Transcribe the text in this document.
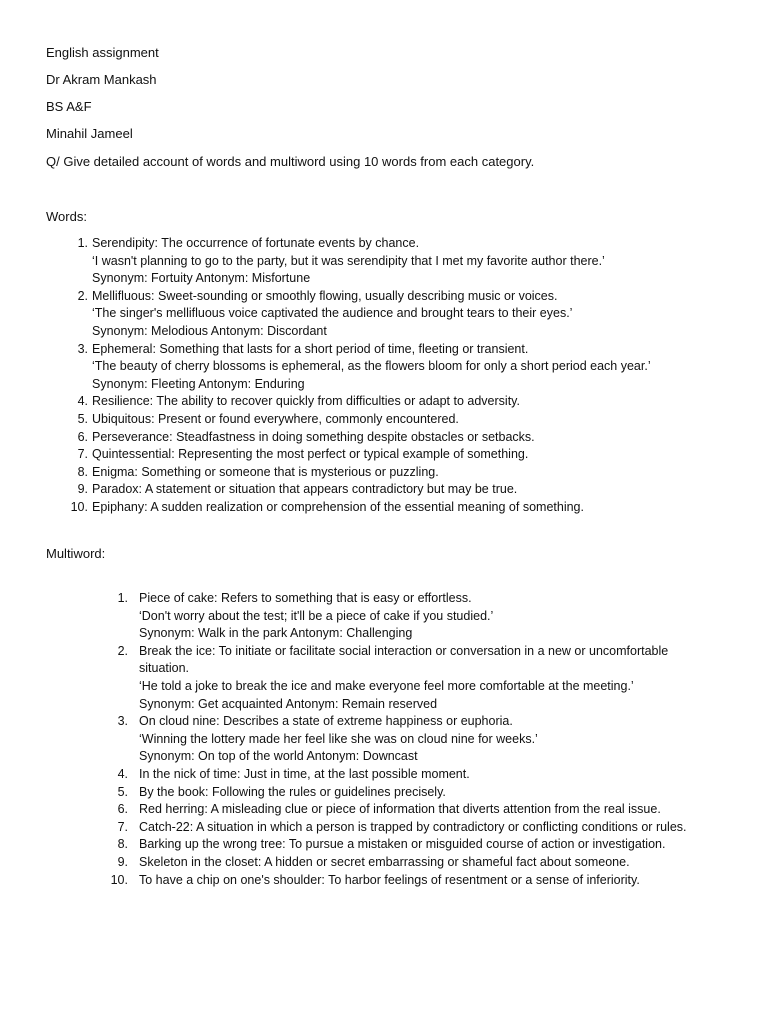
English assignment
Dr Akram Mankash
BS A&F
Minahil Jameel
Q/ Give detailed account of words and multiword using 10 words from each category.
Words:
1. Serendipity: The occurrence of fortunate events by chance.
‘I wasn't planning to go to the party, but it was serendipity that I met my favorite author there.’
Synonym: Fortuity Antonym: Misfortune
2. Mellifluous: Sweet-sounding or smoothly flowing, usually describing music or voices.
‘The singer's mellifluous voice captivated the audience and brought tears to their eyes.’
Synonym: Melodious Antonym: Discordant
3. Ephemeral: Something that lasts for a short period of time, fleeting or transient.
‘The beauty of cherry blossoms is ephemeral, as the flowers bloom for only a short period each year.’
Synonym: Fleeting Antonym: Enduring
4. Resilience: The ability to recover quickly from difficulties or adapt to adversity.
5. Ubiquitous: Present or found everywhere, commonly encountered.
6. Perseverance: Steadfastness in doing something despite obstacles or setbacks.
7. Quintessential: Representing the most perfect or typical example of something.
8. Enigma: Something or someone that is mysterious or puzzling.
9. Paradox: A statement or situation that appears contradictory but may be true.
10. Epiphany: A sudden realization or comprehension of the essential meaning of something.
Multiword:
1. Piece of cake: Refers to something that is easy or effortless.
‘Don't worry about the test; it'll be a piece of cake if you studied.’
Synonym: Walk in the park Antonym: Challenging
2. Break the ice: To initiate or facilitate social interaction or conversation in a new or uncomfortable
situation.
‘He told a joke to break the ice and make everyone feel more comfortable at the meeting.’
Synonym: Get acquainted Antonym: Remain reserved
3. On cloud nine: Describes a state of extreme happiness or euphoria.
‘Winning the lottery made her feel like she was on cloud nine for weeks.’
Synonym: On top of the world Antonym: Downcast
4. In the nick of time: Just in time, at the last possible moment.
5. By the book: Following the rules or guidelines precisely.
6. Red herring: A misleading clue or piece of information that diverts attention from the real issue.
7. Catch-22: A situation in which a person is trapped by contradictory or conflicting conditions or rules.
8. Barking up the wrong tree: To pursue a mistaken or misguided course of action or investigation.
9. Skeleton in the closet: A hidden or secret embarrassing or shameful fact about someone.
10. To have a chip on one's shoulder: To harbor feelings of resentment or a sense of inferiority.
